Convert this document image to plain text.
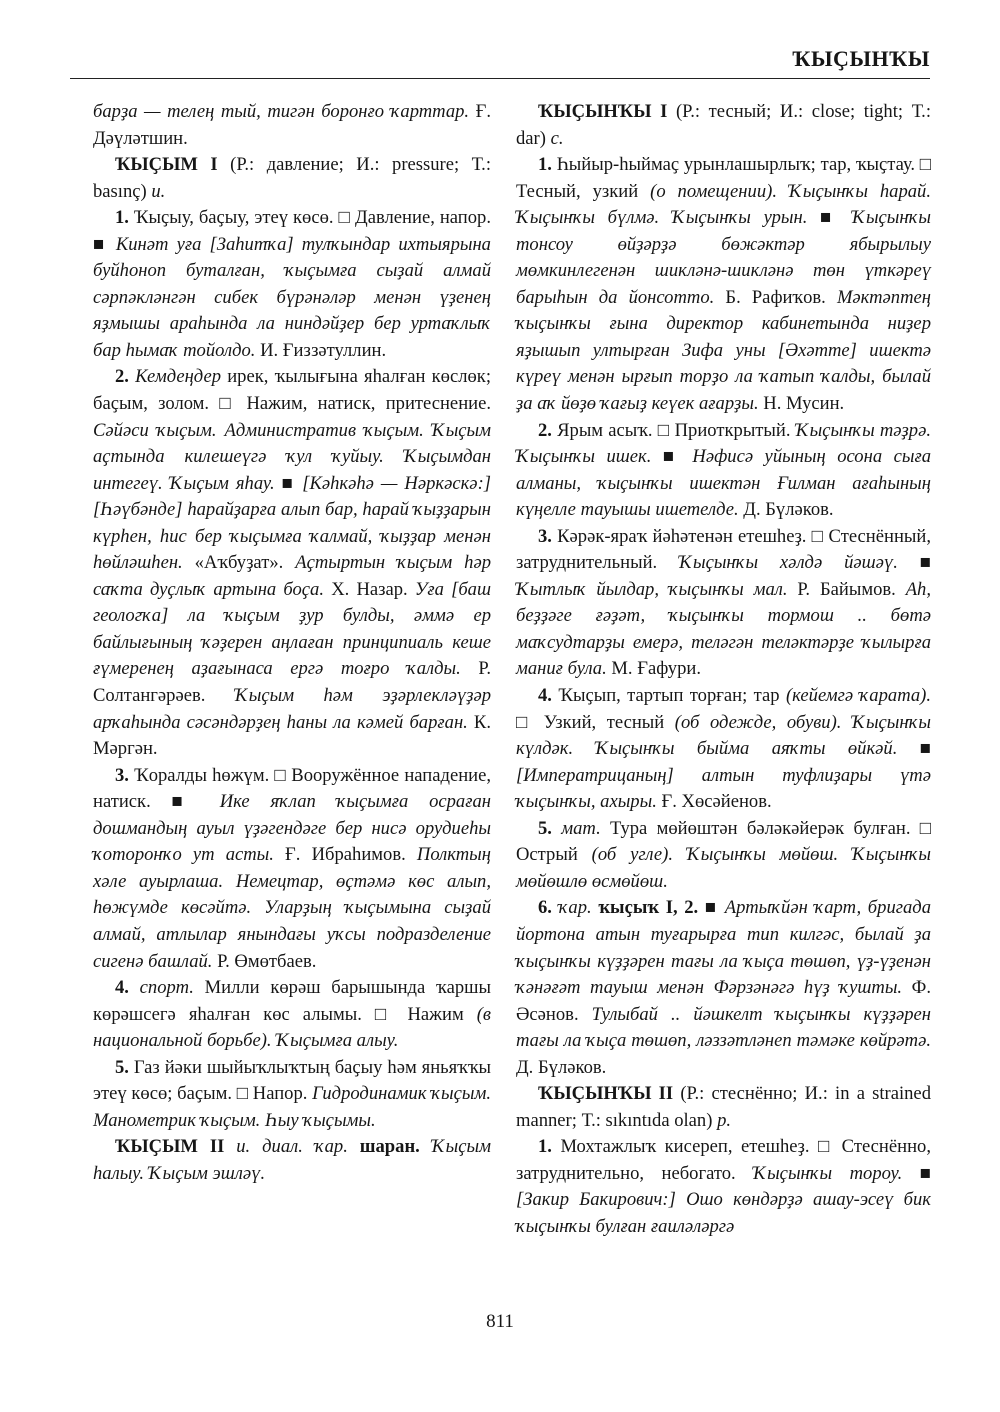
ҠЫҪЫНҠЫ

барҙа — телең тый, тигән боронғо ҡарттар. Ғ. Дәүләтшин.

ҠЫҪЫМ I (Р.: давление; И.: pressure; Т.: basınç) и.

1. Ҡыҫыу, баҫыу, этеү көсө. □ Давление, напор. ■ Кинәт уға [Заһитҡа] тулҡындар ихтыярына буйһоноп буталған, ҡыҫымға сыҙай алмай сәрпәкләнгән сибек бүрәнәләр менән үҙенең яҙмышы араһында ла ниндәйҙер бер уртаҡлыҡ бар һымаҡ тойолдо. И. Ғиззәтуллин.

2. Кемдеңдер ирек, ҡылығына яһалған көслөк; баҫым, золом. □ Нажим, натиск, притеснение. Сәйәси ҡыҫым. Административ ҡыҫым. Ҡыҫым аҫтында килешеүгә ҡул ҡуйыу. Ҡыҫымдан интегеү. Ҡыҫым яһау. ■ [Кәһкәһә — Нәркәскә:] [Һәүбәнде] һарайҙарға алып бар, һарай ҡыҙҙарын күрһен, һис бер ҡыҫымға ҡалмай, ҡыҙҙар менән һөйләшһен. «Аҡбуҙат». Аҫтыртын ҡыҫым һәр саҡта дуҫлыҡ артына боҫа. Х. Назар. Уға [баш геологҡа] ла ҡыҫым ҙур булды, әммә ер байлығының ҡәҙерен аңлаған принципиаль кеше ғүмеренең аҙағынаса ергә тоғро ҡалды. Р. Солтангәрәев. Ҡыҫым һәм эҙәрлекләүҙәр арҡаһында сәсәндәрҙең һаны ла кәмей барған. К. Мәргән.

3. Ҡоралды һөжүм. □ Вооружённое нападение, натиск. ■ Ике яҡлап ҡыҫымға осраған дошмандың ауыл үҙәгендәге бер нисә орудиеһы ҡоторонҡо ут асты. Ғ. Ибраһимов. Полктың хәле ауырлаша. Немецтар, өҫтәмә көс алып, һөжүмде көсәйтә. Уларҙың ҡыҫымына сыҙай алмай, атлылар янындағы уҡсы подразделение сигенә башлай. Р. Өмөтбаев.

4. спорт. Милли көрәш барышында ҡаршы көрәшсегә яһалған көс алымы. □ Нажим (в национальной борьбе). Ҡыҫымға алыу.

5. Газ йәки шыйыҡлыҡтың баҫыу һәм яньяҡҡы этеү көсө; баҫым. □ Напор. Гидродинамик ҡыҫым. Манометрик ҡыҫым. Һыу ҡыҫымы.

ҠЫҪЫМ II и. диал. ҡар. шаран. Ҡыҫым һалыу. Ҡыҫым эшләү.

ҠЫҪЫНҠЫ I (Р.: тесный; И.: close; tight; Т.: dar) с.

1. Һыйыр-һыймаҫ урынлашырлыҡ; тар, ҡыҫтау. □ Тесный, узкий (о помещении). Ҡыҫынҡы һарай. Ҡыҫынҡы бүлмә. Ҡыҫынҡы урын. ■ Ҡыҫынҡы тонсоу өйҙәрҙә бөжәктәр ябырылыу мөмкинлегенән шикләнә-шикләнә төн үткәреү барыһын да йонсотто. Б. Рафиҡов. Мәктәптең ҡыҫынҡы ғына директор кабинетында ниҙер яҙышып ултырған Зифа уны [Әхәтте] ишектә күреү менән ырғып торҙо ла ҡатып ҡалды, былай ҙа аҡ йөҙө ҡағыҙ кеүек ағарҙы. Н. Мусин.

2. Ярым асыҡ. □ Приоткрытый. Ҡыҫынҡы тәҙрә. Ҡыҫынҡы ишек. ■ Нәфисә уйының осона сыға алманы, ҡыҫынҡы ишектән Ғилман ағаһының күңелле тауышы ишетелде. Д. Бүләков.

3. Кәрәк-яраҡ йәһәтенән етешһеҙ. □ Стеснённый, затруднительный. Ҡыҫынҡы хәлдә йәшәү. ■ Ҡытлыҡ йылдар, ҡыҫынҡы мал. Р. Байымов. Аһ, беҙҙәге ғәҙәт, ҡыҫынҡы тормош .. бөтә маҡсудтарҙы емерә, теләгән теләктәрҙе ҡылырға маниғ була. М. Ғафури.

4. Ҡыҫып, тартып торған; тар (кейемгә ҡарата). □ Узкий, тесный (об одежде, обуви). Ҡыҫынҡы күлдәк. Ҡыҫынҡы быйма аяҡты өйкәй. ■ [Императрицаның] алтын туфлиҙары үтә ҡыҫынҡы, ахыры. Ғ. Хөсәйенов.

5. мат. Тура мөйөштән бәләкәйерәк булған. □ Острый (об угле). Ҡыҫынҡы мөйөш. Ҡыҫынҡы мөйөшлө өсмөйөш.

6. ҡар. ҡыҫыҡ I, 2. ■ Артыҡйән ҡарт, бригада йортона атын туғарырға тип килгәс, былай ҙа ҡыҫынҡы күҙҙәрен тағы ла ҡыҫа төшөп, үҙ-үҙенән ҡәнәғәт тауыш менән Фәрзәнәгә һүҙ ҡушты. Ф. Әсәнов. Тулыбай .. йәшкелт ҡыҫынҡы күҙҙәрен тағы ла ҡыҫа төшөп, ләззәтләнеп тәмәке көйрәтә. Д. Бүләков.

ҠЫҪЫНҠЫ II (Р.: стеснённо; И.: in a strained manner; Т.: sıkıntıda olan) р.

1. Мохтажлыҡ кисереп, етешһеҙ. □ Стеснённо, затруднительно, небогато. Ҡыҫынҡы тороу. ■ [Закир Бакирович:] Ошо көндәрҙә ашау-эсеү бик ҡыҫынҡы булған ғаиләләргә

811
